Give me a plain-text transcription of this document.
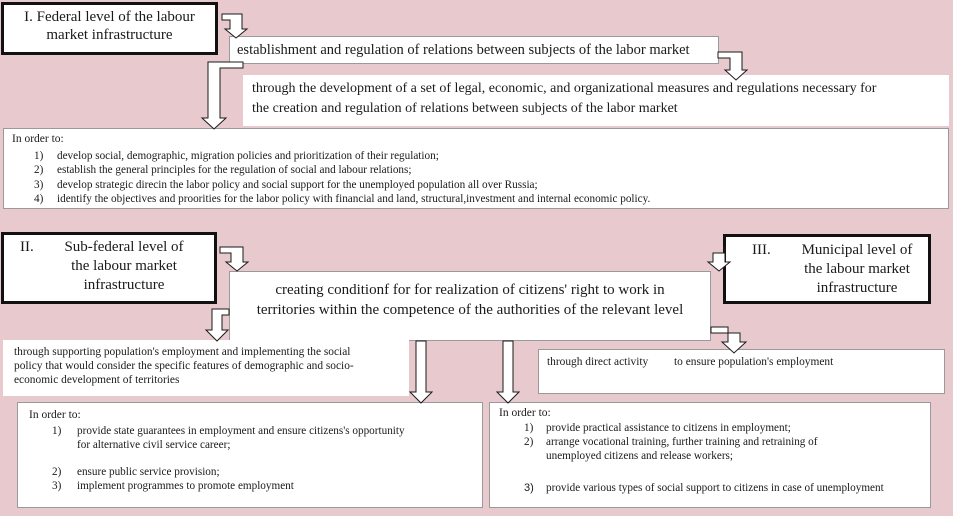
I. Federal level of the labour
market infrastructure
establishment and regulation of relations between subjects of the labor market
through the development of a set of legal, economic, and organizational measures and regulations necessary for
the creation and regulation of relations between subjects of the labor market
In order to:
1) develop social, demographic, migration policies and prioritization of their regulation;
2) establish the general principles for the regulation of social and labour relations;
3) develop strategic direcin the labor policy and social support for the unemployed population all over Russia;
4) identify the objectives and proorities for the labor policy with financial and land, structural,investment and internal economic policy.
II.	Sub-federal level of
the labour market
infrastructure	creating conditionf for for realization of citizens' right to work in
territories within the competence of the authorities of the relevant level
through supporting population's employment and implementing the social
policy that would consider the specific features of demographic and socio-
economic development of territories
In order to:
1) provide state guarantees in employment and ensure citizens's opportunity
for alternative civil service career;
2) ensure public service provision;
3) implement programmes to promote employment
III.	Municipal level of
the labour market
infrastructure
through direct activity to ensure population's employment
In order to:
1) provide practical assistance to citizens in employment;
2) arrange vocational training, further training and retraining of
unemployed citizens and release workers;
3) provide various types of social support to citizens in case of unemployment
